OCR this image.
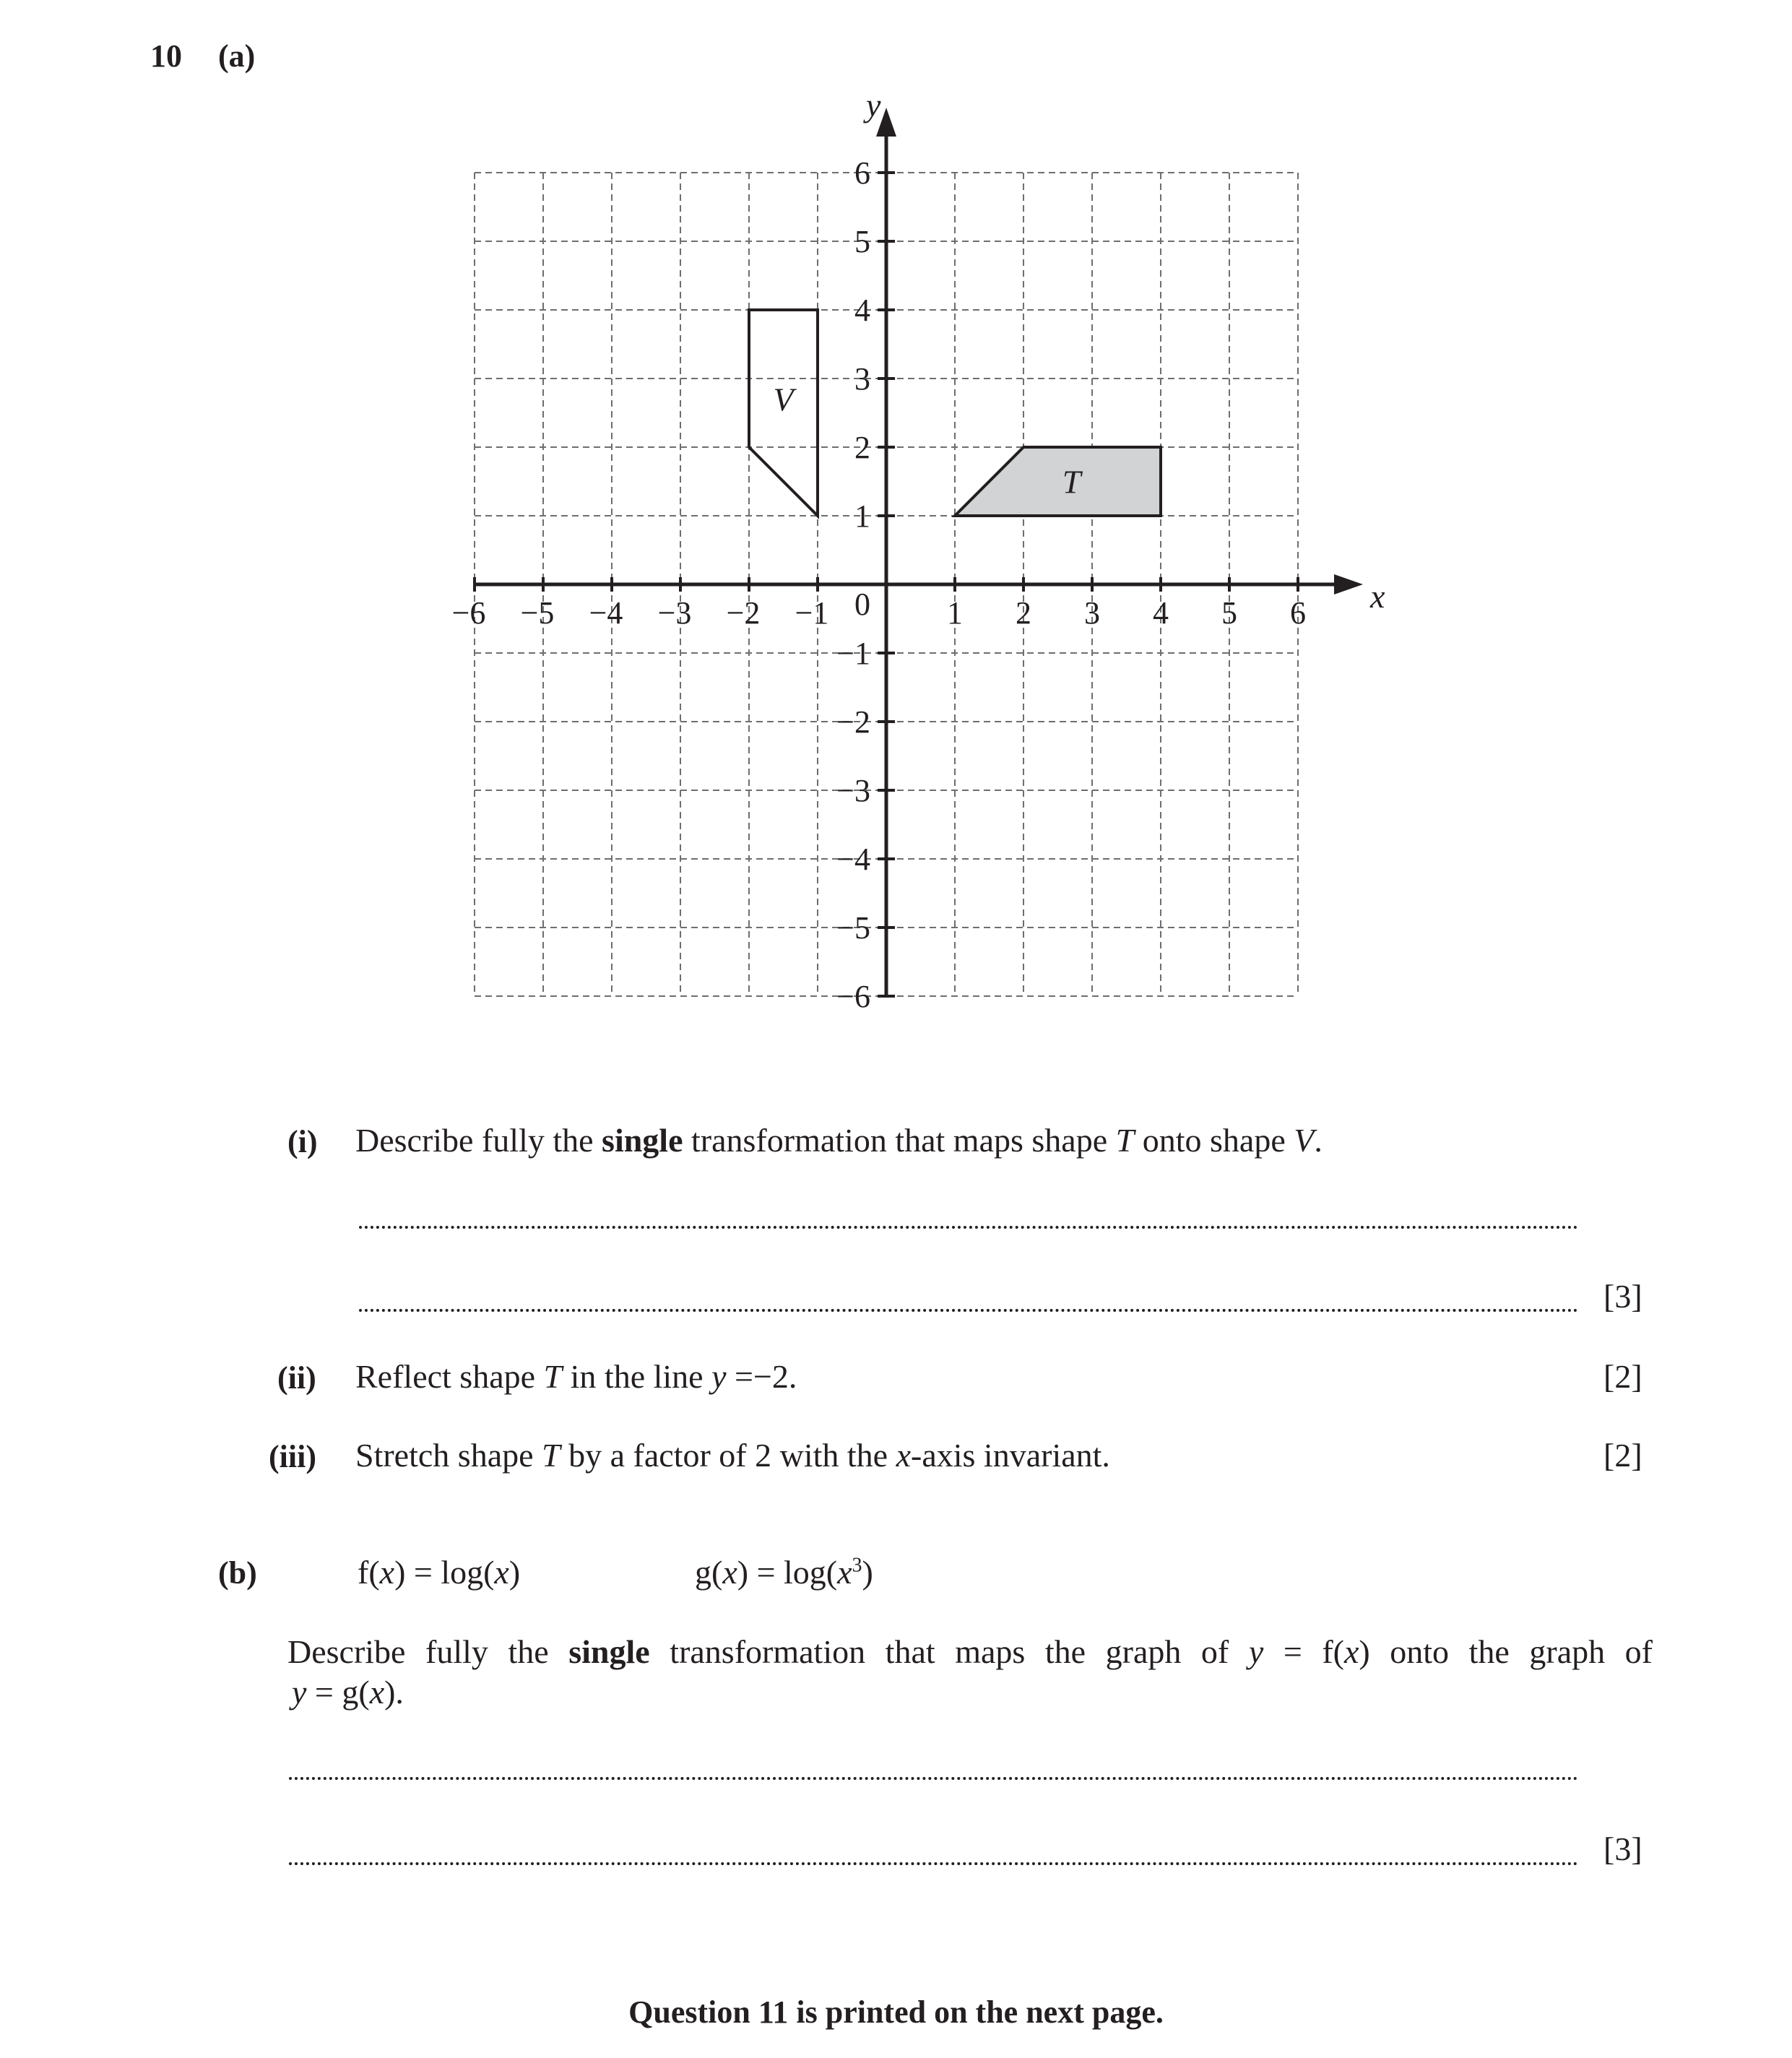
10 (a)
V
T
−6 −5 −4 −3 −2 −1	1 2 3 4 5 6
−6
−5
−4
−3
−2
−1
1
2
3
4
5
6
0	x
y
(i) Describe fully the single transformation that maps shape T onto shape V.
[3]
(ii) Reflect shape T in the line y =−2.	[2]
(iii) Stretch shape T by a factor of 2 with the x-axis invariant.	[2]
(b)	f(x) = log(x)	$g(x) = \log(x^3)$
Describe fully the single transformation that maps the graph of y = f(x) onto the graph of
y = g(x).
[3]
Question 11 is printed on the next page.
